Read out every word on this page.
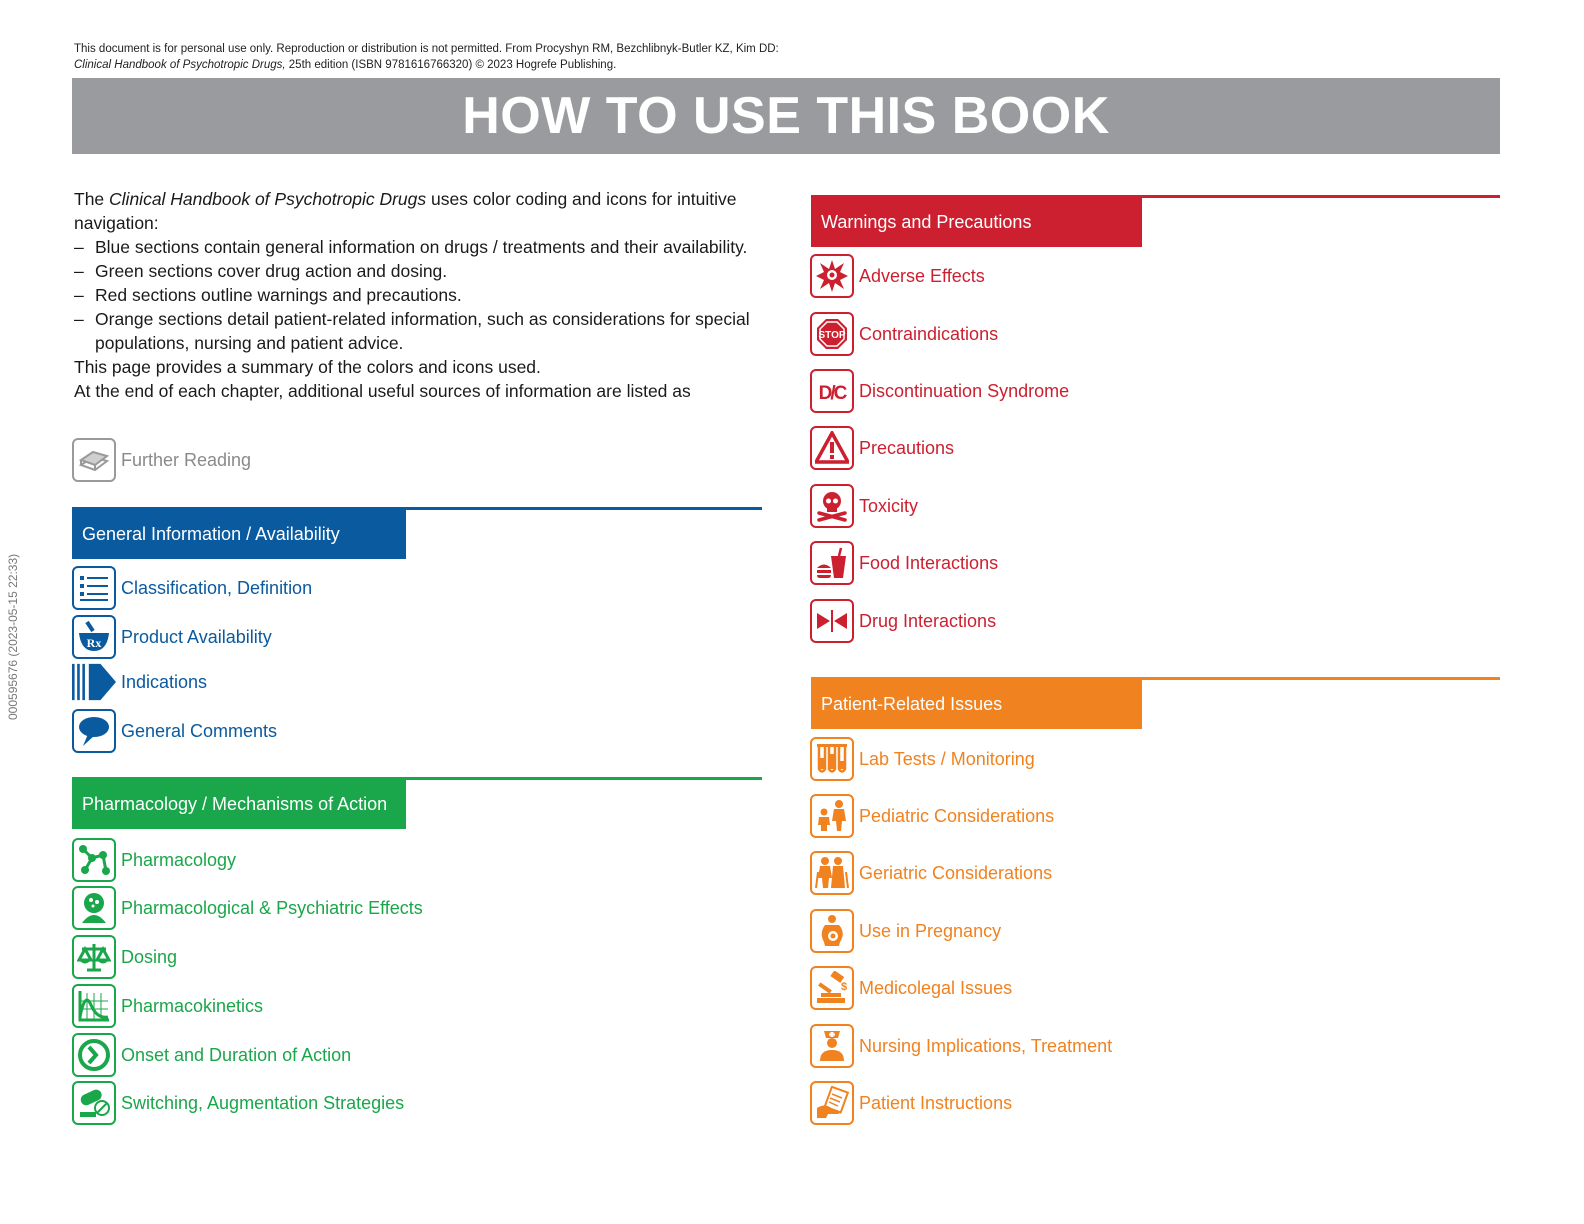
This document is for personal use only. Reproduction or distribution is not permitted. From Procyshyn RM, Bezchlibnyk-Butler KZ, Kim DD:
Clinical Handbook of Psychotropic Drugs, 25th edition (ISBN 9781616766320) © 2023 Hogrefe Publishing.
000595676 (2023-05-15 22:33)
HOW TO USE THIS BOOK

The Clinical Handbook of Psychotropic Drugs uses color coding and icons for intuitive navigation:

– Blue sections contain general information on drugs / treatments and their availability.
– Green sections cover drug action and dosing.
– Red sections outline warnings and precautions.
– Orange sections detail patient-related information, such as considerations for special populations, nursing and patient advice.

This page provides a summary of the colors and icons used.

At the end of each chapter, additional useful sources of information are listed as

Further Reading
General Information / Availability
Classification, Definition
Rx Product Availability
Indications
General Comments
Pharmacology / Mechanisms of Action
Pharmacology
Pharmacological & Psychiatric Effects
Dosing
Pharmacokinetics
Onset and Duration of Action
Switching, Augmentation Strategies
Warnings and Precautions
Adverse Effects
STOP Contraindications
D/C Discontinuation Syndrome
Precautions
Toxicity
Food Interactions
Drug Interactions
Patient-Related Issues
Lab Tests / Monitoring
Pediatric Considerations
Geriatric Considerations
Use in Pregnancy
$ Medicolegal Issues
Nursing Implications, Treatment
Patient Instructions
